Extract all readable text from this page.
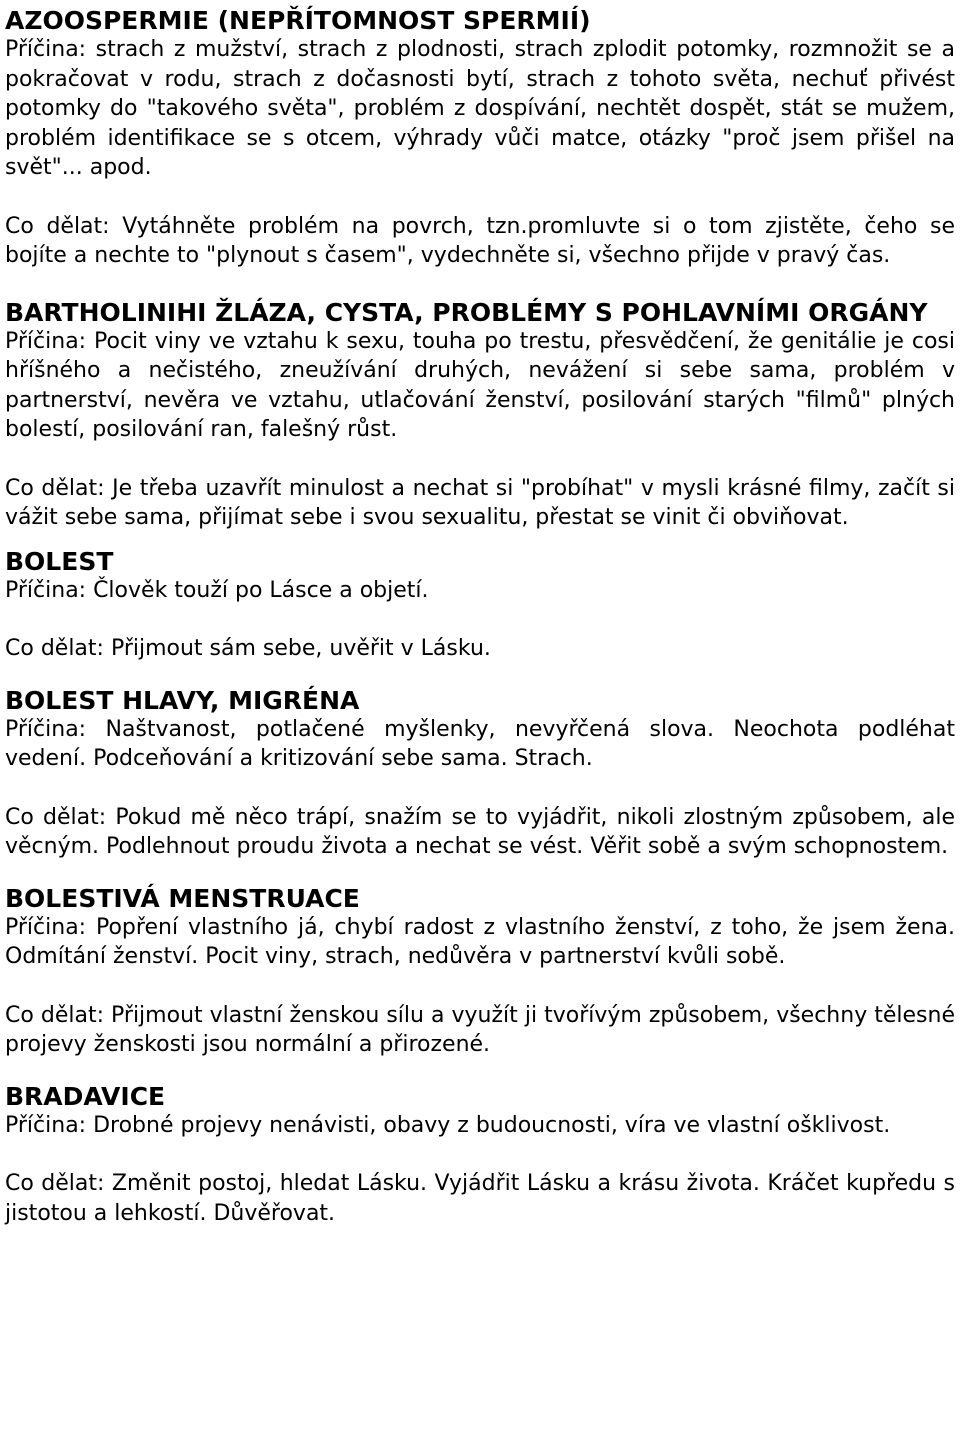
AZOOSPERMIE (NEPŘÍTOMNOST SPERMIÍ)

Příčina: strach z mužství, strach z plodnosti, strach zplodit potomky, rozmnožit se a pokračovat v rodu, strach z dočasnosti bytí, strach z tohoto světa, nechuť přivést potomky do "takového světa", problém z dospívání, nechtět dospět, stát se mužem, problém identifikace se s otcem, výhrady vůči matce, otázky "proč jsem přišel na svět"... apod.

Co dělat: Vytáhněte problém na povrch, tzn.promluvte si o tom zjistěte, čeho se bojíte a nechte to "plynout s časem", vydechněte si, všechno přijde v pravý čas.

BARTHOLINIHI ŽLÁZA, CYSTA, PROBLÉMY S POHLAVNÍMI ORGÁNY

Příčina: Pocit viny ve vztahu k sexu, touha po trestu, přesvědčení, že genitálie je cosi hříšného a nečistého, zneužívání druhých, nevážení si sebe sama, problém v partnerství, nevěra ve vztahu, utlačování ženství, posilování starých "filmů" plných bolestí, posilování ran, falešný růst.

Co dělat: Je třeba uzavřít minulost a nechat si "probíhat" v mysli krásné filmy, začít si vážit sebe sama, přijímat sebe i svou sexualitu, přestat se vinit či obviňovat.

BOLEST

Příčina: Člověk touží po Lásce a objetí.

Co dělat: Přijmout sám sebe, uvěřit v Lásku.

BOLEST HLAVY, MIGRÉNA

Příčina: Naštvanost, potlačené myšlenky, nevyřčená slova. Neochota podléhat vedení. Podceňování a kritizování sebe sama. Strach.

Co dělat: Pokud mě něco trápí, snažím se to vyjádřit, nikoli zlostným způsobem, ale věcným. Podlehnout proudu života a nechat se vést. Věřit sobě a svým schopnostem.

BOLESTIVÁ MENSTRUACE

Příčina: Popření vlastního já, chybí radost z vlastního ženství, z toho, že jsem žena. Odmítání ženství. Pocit viny, strach, nedůvěra v partnerství kvůli sobě.

Co dělat: Přijmout vlastní ženskou sílu a využít ji tvořívým způsobem, všechny tělesné projevy ženskosti jsou normální a přirozené.

BRADAVICE

Příčina: Drobné projevy nenávisti, obavy z budoucnosti, víra ve vlastní ošklivost.

Co dělat: Změnit postoj, hledat Lásku. Vyjádřit Lásku a krásu života. Kráčet kupředu s jistotou a lehkostí. Důvěřovat.
